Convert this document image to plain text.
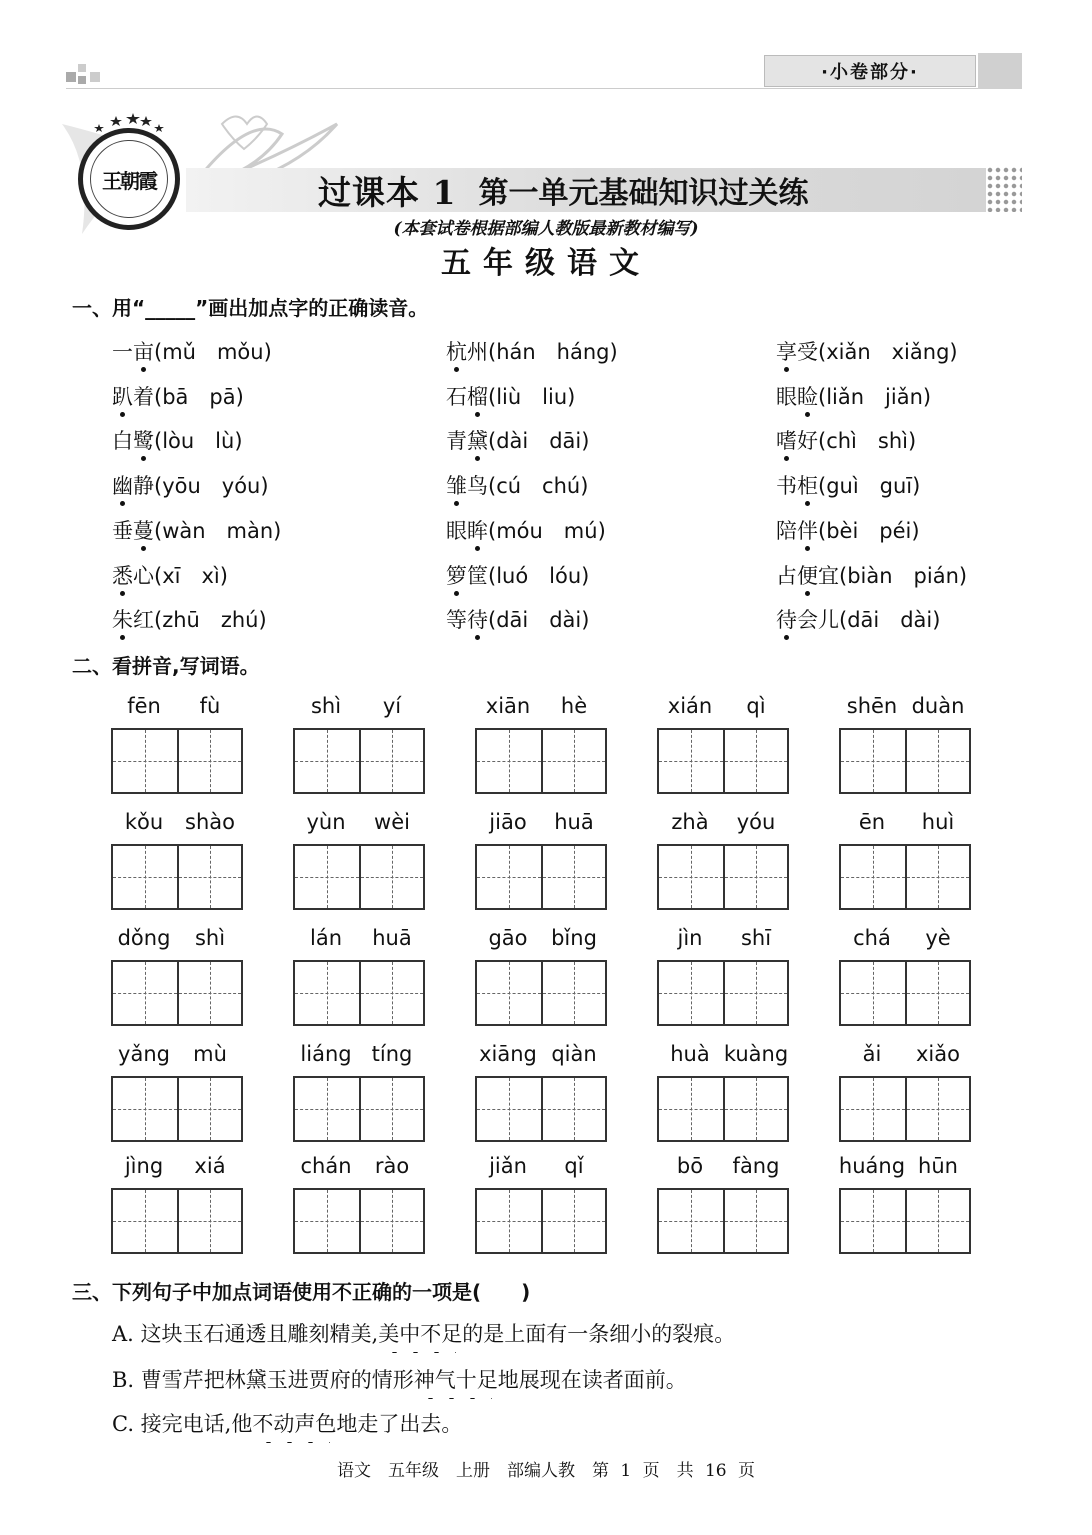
·小卷部分·
王朝霞	过课本 1 第一单元基础知识过关练
(本套试卷根据部编人教版最新教材编写)
五年级语文
一、用“_____”画出加点字的正确读音。
一亩(mǔ　mǒu)	杭州(hán　háng)	享受(xiǎn　xiǎng)
趴着(bā　pā)	石榴(liù　liu)	眼睑(liǎn　jiǎn)
白鹭(lòu　lù)	青黛(dài　dāi)	嗜好(chì　shì)
幽静(yōu　yóu)	雏鸟(cú　chú)	书柜(guì　guī)
垂蔓(wàn　màn)	眼眸(móu　mú)	陪伴(bèi　péi)
悉心(xī　xì)	箩筐(luó　lóu)	占便宜(biàn　pián)
朱红(zhū　zhú)	等待(dāi　dài)	待会儿(dāi　dài)
二、看拼音,写词语。
fēn fù	shì yí	xiān hè	xián qì	shēn duàn
kǒu shào	yùn wèi	jiāo huā	zhà yóu	ēn huì
dǒng shì	lán huā	gāo bǐng	jìn shī	chá yè
yǎng mù	liáng tíng	xiāng qiàn	huà kuàng	ǎi xiǎo
jìng xiá	chán rào	jiǎn qǐ	bō fàng	huáng hūn
三、下列句子中加点词语使用不正确的一项是(　　)
A. 这块玉石通透且雕刻精美,美中不足的是上面有一条细小的裂痕。
B. 曹雪芹把林黛玉进贾府的情形神气十足地展现在读者面前。
C. 接完电话,他不动声色地走了出去。
语文　五年级　上册　部编人教　第 1 页　共 16 页
